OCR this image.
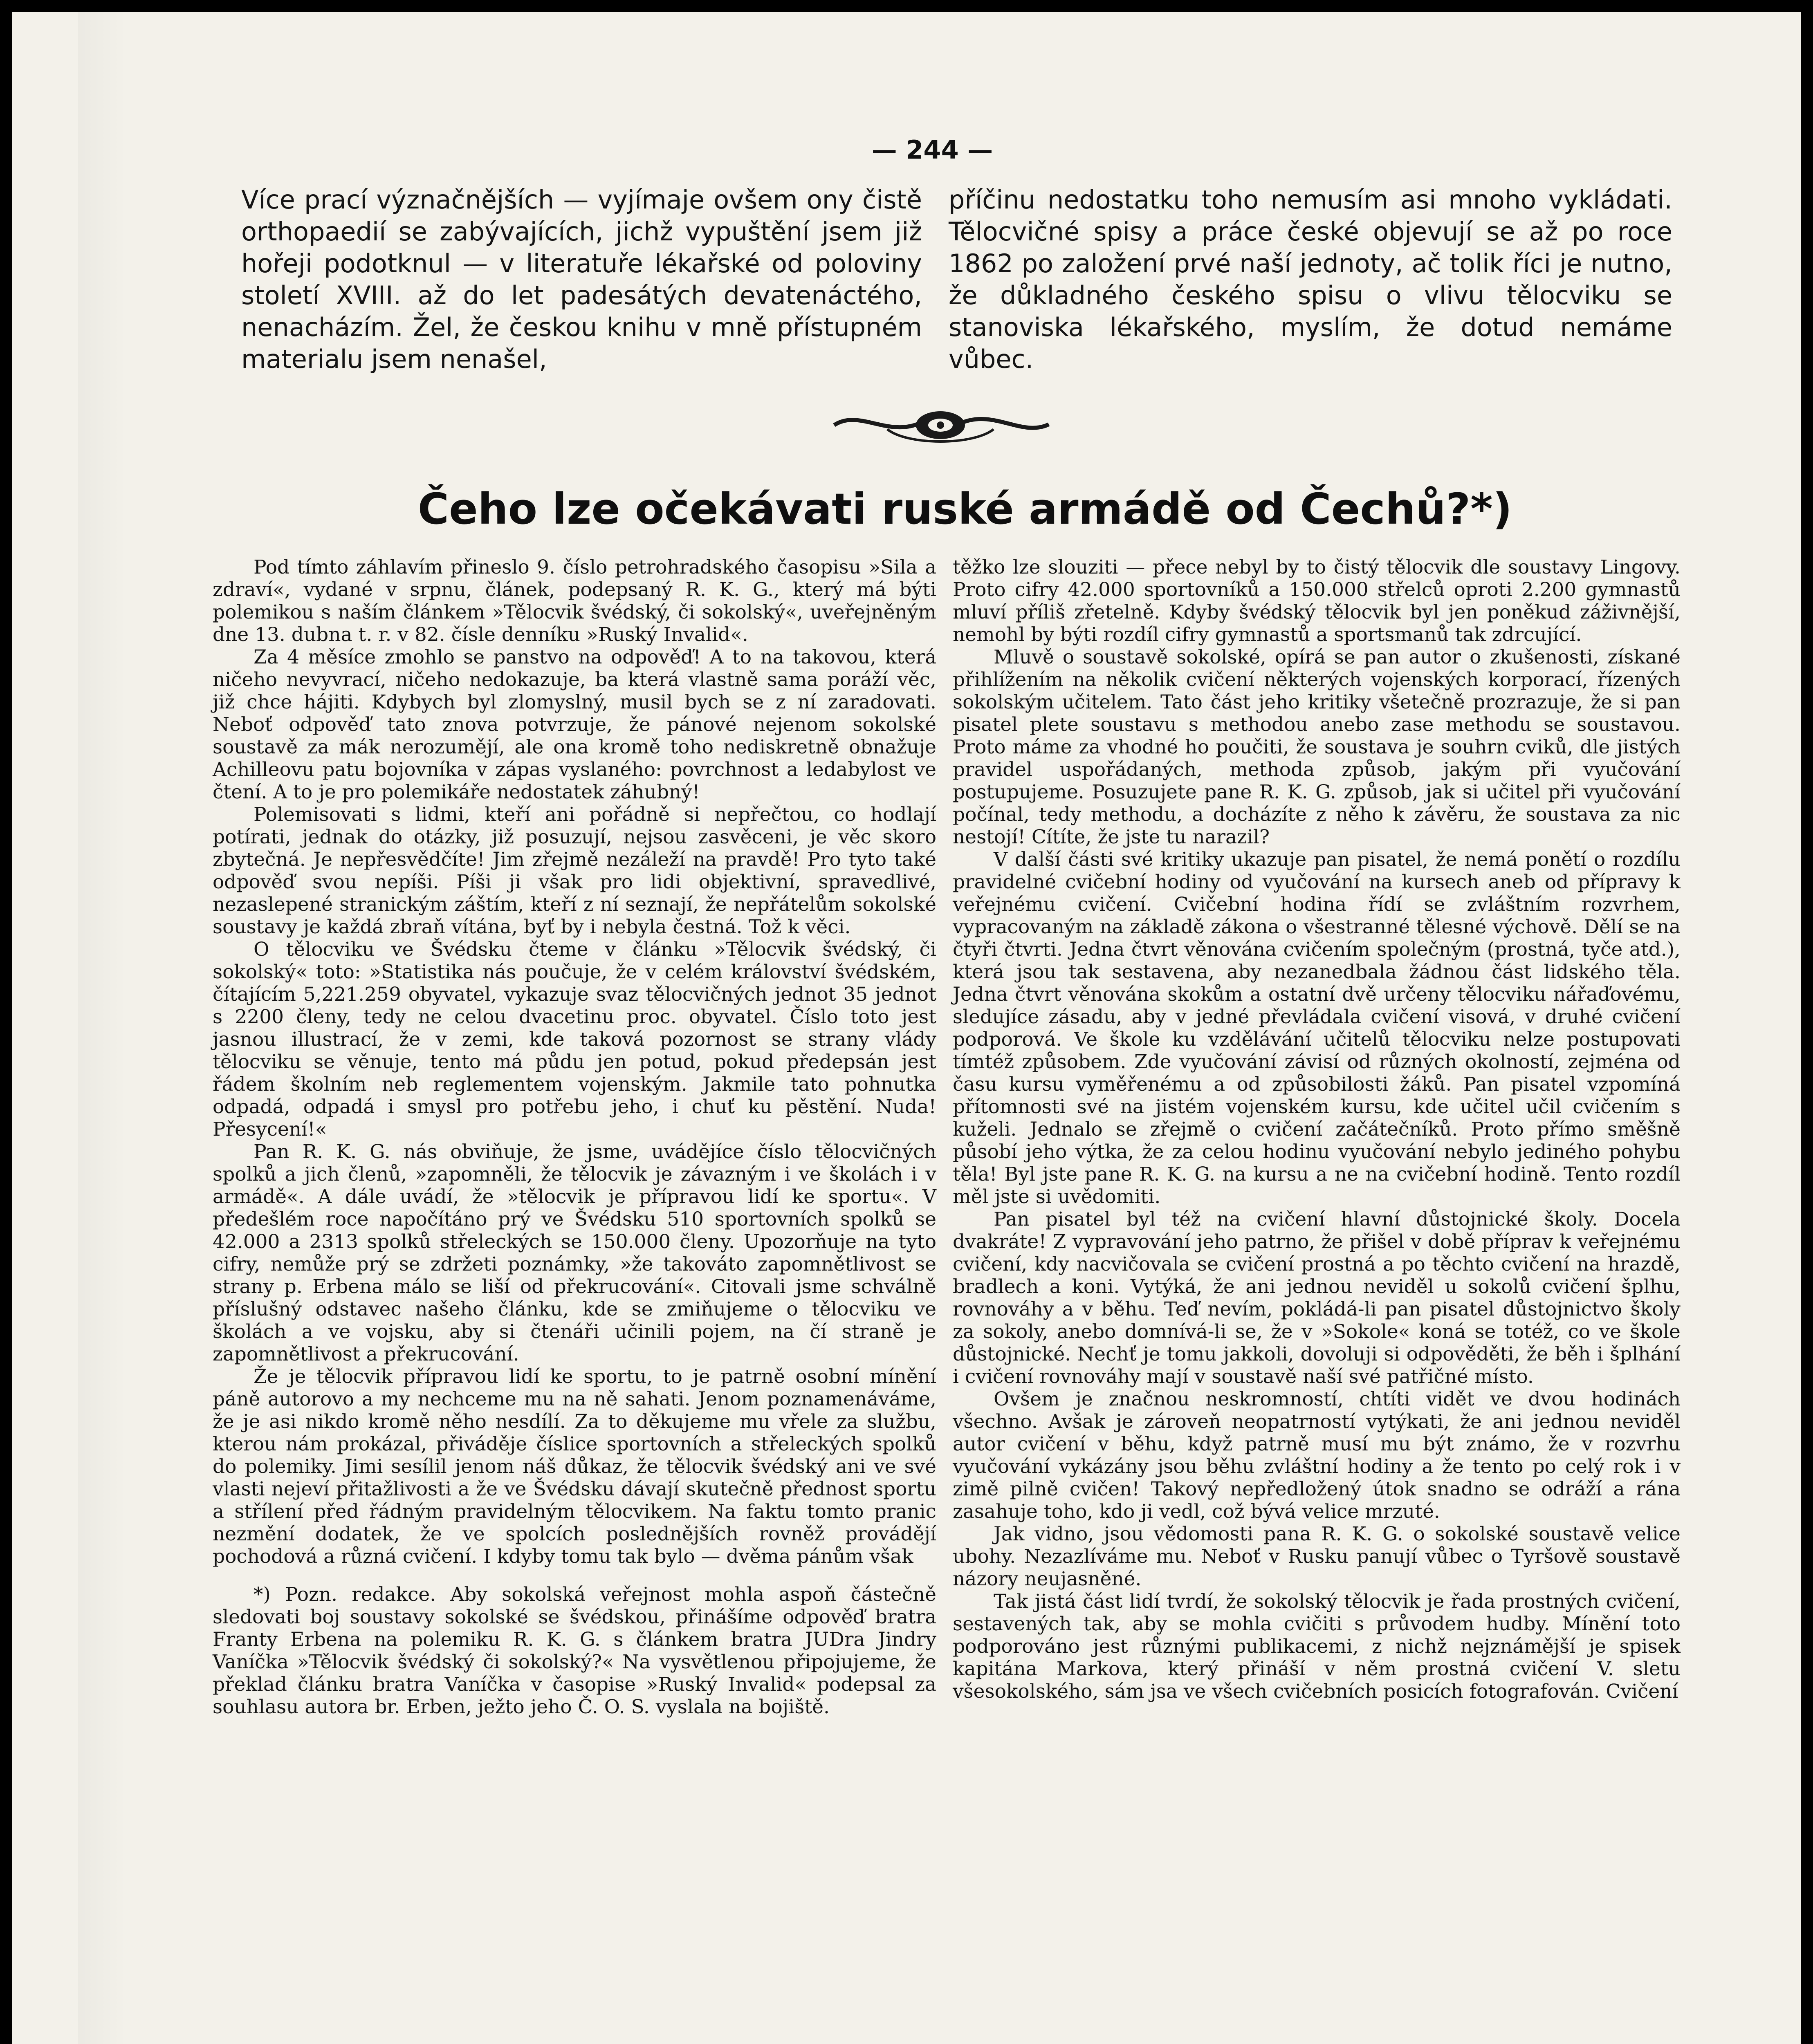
— 244 —

Více prací význačnějších — vyjímaje ovšem ony čistě orthopaedií se zabývajících, jichž vypuštění jsem již hořeji podotknul — v literatuře lékařské od poloviny století XVIII. až do let padesátých devatenáctého, nenacházím. Žel, že českou knihu v mně přístupném materialu jsem nenašel,

příčinu nedostatku toho nemusím asi mnoho vykládati. Tělocvičné spisy a práce české objevují se až po roce 1862 po založení prvé naší jednoty, ač tolik říci je nutno, že důkladného českého spisu o vlivu tělocviku se stanoviska lékařského, myslím, že dotud nemáme vůbec.

Čeho lze očekávati ruské armádě od Čechů?*)

Pod tímto záhlavím přineslo 9. číslo petrohradského časopisu »Sila a zdraví«, vydané v srpnu, článek, podepsaný R. K. G., který má býti polemikou s naším článkem »Tělocvik švédský, či sokolský«, uveřejněným dne 13. dubna t. r. v 82. čísle denníku »Ruský Invalid«.

Za 4 měsíce zmohlo se panstvo na odpověď! A to na takovou, která ničeho nevyvrací, ničeho nedokazuje, ba která vlastně sama poráží věc, již chce hájiti. Kdybych byl zlomyslný, musil bych se z ní zaradovati. Neboť odpověď tato znova potvrzuje, že pánové nejenom sokolské soustavě za mák nerozumějí, ale ona kromě toho nediskretně obnažuje Achilleovu patu bojovníka v zápas vyslaného: povrchnost a ledabylost ve čtení. A to je pro polemikáře nedostatek záhubný!

Polemisovati s lidmi, kteří ani pořádně si nepřečtou, co hodlají potírati, jednak do otázky, již posuzují, nejsou zasvěceni, je věc skoro zbytečná. Je nepřesvědčíte! Jim zřejmě nezáleží na pravdě! Pro tyto také odpověď svou nepíši. Píši ji však pro lidi objektivní, spravedlivé, nezaslepené stranickým záštím, kteří z ní seznají, že nepřátelům sokolské soustavy je každá zbraň vítána, byť by i nebyla čestná. Tož k věci.

O tělocviku ve Švédsku čteme v článku »Tělocvik švédský, či sokolský« toto: »Statistika nás poučuje, že v celém království švédském, čítajícím 5,221.259 obyvatel, vykazuje svaz tělocvičných jednot 35 jednot s 2200 členy, tedy ne celou dvacetinu proc. obyvatel. Číslo toto jest jasnou illustrací, že v zemi, kde taková pozornost se strany vlády tělocviku se věnuje, tento má půdu jen potud, pokud předepsán jest řádem školním neb reglementem vojenským. Jakmile tato pohnutka odpadá, odpadá i smysl pro potřebu jeho, i chuť ku pěstění. Nuda! Přesycení!«

Pan R. K. G. nás obviňuje, že jsme, uvádějíce číslo tělocvičných spolků a jich členů, »zapomněli, že tělocvik je závazným i ve školách i v armádě«. A dále uvádí, že »tělocvik je přípravou lidí ke sportu«. V předešlém roce napočítáno prý ve Švédsku 510 sportovních spolků se 42.000 a 2313 spolků střeleckých se 150.000 členy. Upozorňuje na tyto cifry, nemůže prý se zdržeti poznámky, »že takováto zapomnětlivost se strany p. Erbena málo se liší od překrucování«. Citovali jsme schválně příslušný odstavec našeho článku, kde se zmiňujeme o tělocviku ve školách a ve vojsku, aby si čtenáři učinili pojem, na čí straně je zapomnětlivost a překrucování.

Že je tělocvik přípravou lidí ke sportu, to je patrně osobní mínění páně autorovo a my nechceme mu na ně sahati. Jenom poznamenáváme, že je asi nikdo kromě něho nesdílí. Za to děkujeme mu vřele za službu, kterou nám prokázal, přiváděje číslice sportovních a střeleckých spolků do polemiky. Jimi sesílil jenom náš důkaz, že tělocvik švédský ani ve své vlasti nejeví přitažlivosti a že ve Švédsku dávají skutečně přednost sportu a střílení před řádným pravidelným tělocvikem. Na faktu tomto pranic nezmění dodatek, že ve spolcích posledněјších rovněž provádějí pochodová a různá cvičení. I kdyby tomu tak bylo — dvěma pánům však

*) Pozn. redakce. Aby sokolská veřejnost mohla aspoň částečně sledovati boj soustavy sokolské se švédskou, přinášíme odpověď bratra Franty Erbena na polemiku R. K. G. s článkem bratra JUDra Jindry Vaníčka »Tělocvik švédský či sokolský?« Na vysvětlenou připojujeme, že překlad článku bratra Vaníčka v časopise »Ruský Invalid« podepsal za souhlasu autora br. Erben, ježto jeho Č. O. S. vyslala na bojiště.

těžko lze slouziti — přece nebyl by to čistý tělocvik dle soustavy Lingovy. Proto cifry 42.000 sportovníků a 150.000 střelců oproti 2.200 gymnastů mluví příliš zřetelně. Kdyby švédský tělocvik byl jen poněkud záživnější, nemohl by býti rozdíl cifry gymnastů a sportsmanů tak zdrcující.

Mluvě o soustavě sokolské, opírá se pan autor o zkušenosti, získané přihlížením na několik cvičení některých vojenských korporací, řízených sokolským učitelem. Tato část jeho kritiky všetečně prozrazuje, že si pan pisatel plete soustavu s methodou anebo zase methodu se soustavou. Proto máme za vhodné ho poučiti, že soustava je souhrn cviků, dle jistých pravidel uspořádaných, methoda způsob, jakým při vyučování postupujeme. Posuzujete pane R. K. G. způsob, jak si učitel při vyučování počínal, tedy methodu, a docházíte z něho k závěru, že soustava za nic nestojí! Cítíte, že jste tu narazil?

V další části své kritiky ukazuje pan pisatel, že nemá ponětí o rozdílu pravidelné cvičební hodiny od vyučování na kursech aneb od přípravy k veřejnému cvičení. Cvičební hodina řídí se zvláštním rozvrhem, vypracovaným na základě zákona o všestranné tělesné výchově. Dělí se na čtyři čtvrti. Jedna čtvrt věnována cvičením společným (prostná, tyče atd.), která jsou tak sestavena, aby nezanedbala žádnou část lidského těla. Jedna čtvrt věnována skokům a ostatní dvě určeny tělocviku nářaďovému, sledujíce zásadu, aby v jedné převládala cvičení visová, v druhé cvičení podporová. Ve škole ku vzdělávání učitelů tělocviku nelze postupovati tímtéž způsobem. Zde vyučování závisí od různých okolností, zejména od času kursu vyměřenému a od způsobilosti žáků. Pan pisatel vzpomíná přítomnosti své na jistém vojenském kursu, kde učitel učil cvičením s kuželi. Jednalo se zřejmě o cvičení začátečníků. Proto přímo směšně působí jeho výtka, že za celou hodinu vyučování nebylo jediného pohybu těla! Byl jste pane R. K. G. na kursu a ne na cvičební hodině. Tento rozdíl měl jste si uvědomiti.

Pan pisatel byl též na cvičení hlavní důstojnické školy. Docela dvakráte! Z vypravování jeho patrno, že přišel v době příprav k veřejnému cvičení, kdy nacvičovala se cvičení prostná a po těchto cvičení na hrazdě, bradlech a koni. Vytýká, že ani jednou neviděl u sokolů cvičení šplhu, rovnováhy a v běhu. Teď nevím, pokládá-li pan pisatel důstojnictvo školy za sokoly, anebo domnívá-li se, že v »Sokole« koná se totéž, co ve škole důstojnické. Nechť je tomu jakkoli, dovoluji si odpověděti, že běh i šplhání i cvičení rovnováhy mají v soustavě naší své patřičné místo.

Ovšem je značnou neskromností, chtíti vidět ve dvou hodinách všechno. Avšak je zároveň neopatrností vytýkati, že ani jednou neviděl autor cvičení v běhu, když patrně musí mu být známo, že v rozvrhu vyučování vykázány jsou běhu zvláštní hodiny a že tento po celý rok i v zimě pilně cvičen! Takový nepředložený útok snadno se odráží a rána zasahuje toho, kdo ji vedl, což bývá velice mrzuté.

Jak vidno, jsou vědomosti pana R. K. G. o sokolské soustavě velice ubohy. Nezazlíváme mu. Neboť v Rusku panují vůbec o Tyršově soustavě názory neujasněné.

Tak jistá část lidí tvrdí, že sokolský tělocvik je řada prostných cvičení, sestavených tak, aby se mohla cvičiti s průvodem hudby. Mínění toto podporováno jest různými publikacemi, z nichž nejznámější je spisek kapitána Markova, který přináší v něm prostná cvičení V. sletu všesokolského, sám jsa ve všech cvičebních posicích fotografován. Cvičení
